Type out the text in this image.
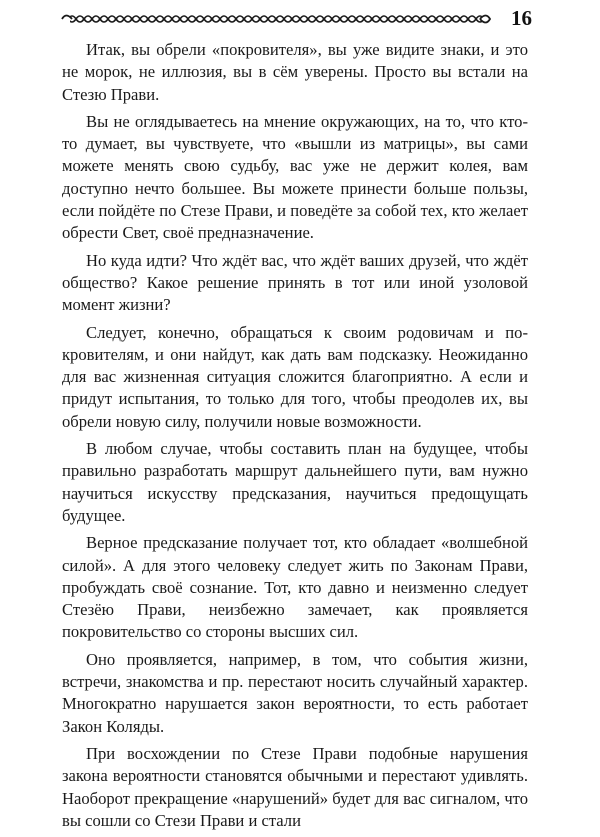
16

Итак, вы обрели «покровителя», вы уже видите знаки, и это не морок, не иллюзия, вы в сём уверены. Просто вы встали на Стезю Прави.

Вы не оглядываетесь на мнение окружающих, на то, что кто-то думает, вы чувствуете, что «вышли из матрицы», вы сами можете менять свою судьбу, вас уже не держит колея, вам доступно нечто большее. Вы можете принести больше пользы, если пойдёте по Стезе Прави, и поведёте за собой тех, кто желает обрести Свет, своё предназначение.

Но куда идти? Что ждёт вас, что ждёт ваших друзей, что ждёт общество? Какое решение принять в тот или иной узоловой момент жизни?

Следует, конечно, обращаться к своим родовичам и покровителям, и они найдут, как дать вам подсказку. Неожиданно для вас жизненная ситуация сложится благоприятно. А если и придут испытания, то только для того, чтобы преодолев их, вы обрели новую силу, получили новые возможности.

В любом случае, чтобы составить план на будущее, чтобы правильно разработать маршрут дальнейшего пути, вам нужно научиться искусству предсказания, научиться предощущать будущее.

Верное предсказание получает тот, кто обладает «волшебной силой». А для этого человеку следует жить по Законам Прави, пробуждать своё сознание. Тот, кто давно и неизменно следует Стезёю Прави, неизбежно замечает, как проявляется покровительство со стороны высших сил.

Оно проявляется, например, в том, что события жизни, встречи, знакомства и пр. перестают носить случайный характер. Многократно нарушается закон вероятности, то есть работает Закон Коляды.

При восхождении по Стезе Прави подобные нарушения закона вероятности становятся обычными и перестают удивлять. Наоборот прекращение «нарушений» будет для вас сигналом, что вы сошли со Стези Прави и стали
